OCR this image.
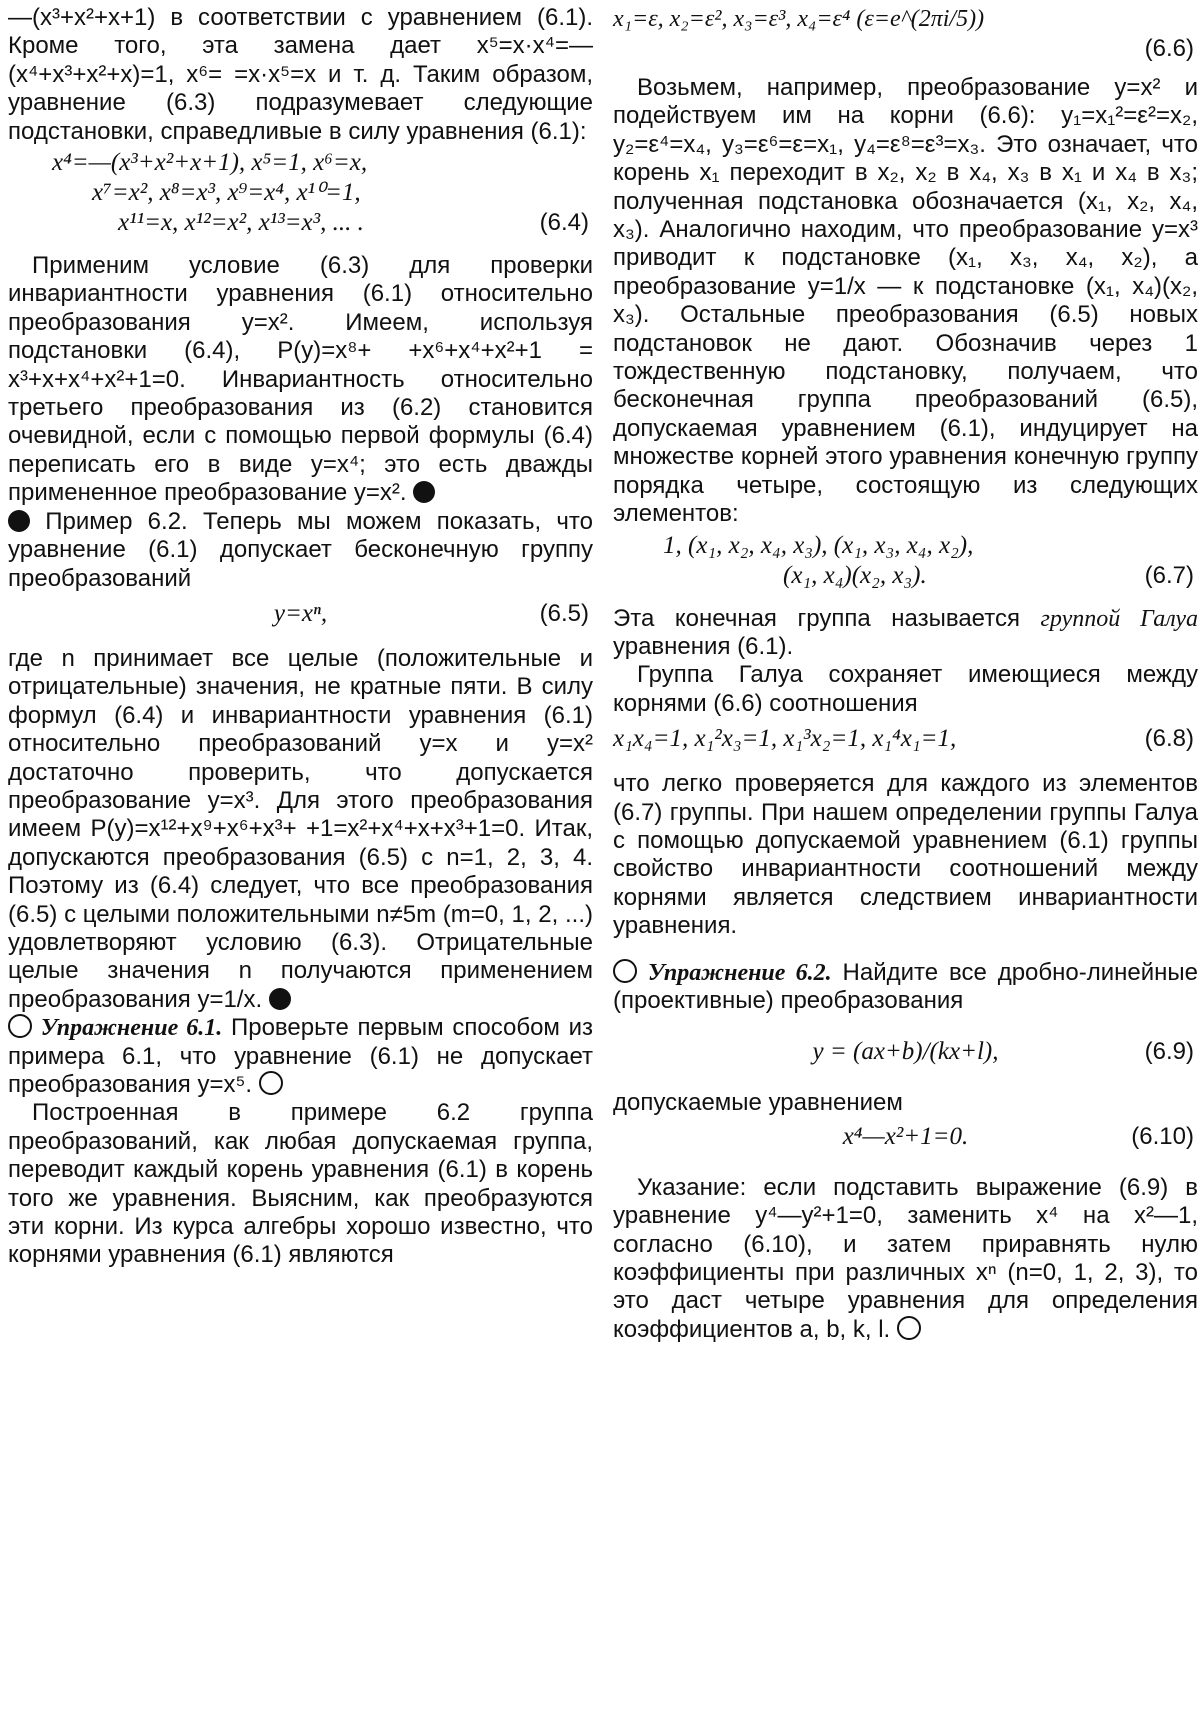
—(x³+x²+x+1) в соответствии с уравнением (6.1). Кроме того, эта замена дает x⁵=x·x⁴=—(x⁴+x³+x²+x)=1, x⁶= =x·x⁵=x и т. д. Таким образом, уравнение (6.3) подразумевает следующие подстановки, справедливые в силу уравнения (6.1):

x⁴=—(x³+x²+x+1), x⁵=1, x⁶=x,
x⁷=x², x⁸=x³, x⁹=x⁴, x¹⁰=1,
x¹¹=x, x¹²=x², x¹³=x³, ... .	(6.4)

Применим условие (6.3) для проверки инвариантности уравнения (6.1) относительно преобразования y=x². Имеем, используя подстановки (6.4), P(y)=x⁸+ +x⁶+x⁴+x²+1 = x³+x+x⁴+x²+1=0. Инвариантность относительно третьего преобразования из (6.2) становится очевидной, если с помощью первой формулы (6.4) переписать его в виде y=x⁴; это есть дважды примененное преобразование y=x².

Пример 6.2. Теперь мы можем показать, что уравнение (6.1) допускает бесконечную группу преобразований

y=xⁿ,	(6.5)

где n принимает все целые (положительные и отрицательные) значения, не кратные пяти. В силу формул (6.4) и инвариантности уравнения (6.1) относительно преобразований y=x и y=x² достаточно проверить, что допускается преобразование y=x³. Для этого преобразования имеем P(y)=x¹²+x⁹+x⁶+x³+ +1=x²+x⁴+x+x³+1=0. Итак, допускаются преобразования (6.5) с n=1, 2, 3, 4. Поэтому из (6.4) следует, что все преобразования (6.5) с целыми положительными n≠5m (m=0, 1, 2, ...) удовлетворяют условию (6.3). Отрицательные целые значения n получаются применением преобразования y=1/x.

Упражнение 6.1. Проверьте первым способом из примера 6.1, что уравнение (6.1) не допускает преобразования y=x⁵.

Построенная в примере 6.2 группа преобразований, как любая допускаемая группа, переводит каждый корень уравнения (6.1) в корень того же уравнения. Выясним, как преобразуются эти корни. Из курса алгебры хорошо известно, что корнями уравнения (6.1) являются

x₁=ε, x₂=ε², x₃=ε³, x₄=ε⁴ (ε=e^(2πi/5))
(6.6)

Возьмем, например, преобразование y=x² и подействуем им на корни (6.6): y₁=x₁²=ε²=x₂, y₂=ε⁴=x₄, y₃=ε⁶=ε=x₁, y₄=ε⁸=ε³=x₃. Это означает, что корень x₁ переходит в x₂, x₂ в x₄, x₃ в x₁ и x₄ в x₃; полученная подстановка обозначается (x₁, x₂, x₄, x₃). Аналогично находим, что преобразование y=x³ приводит к подстановке (x₁, x₃, x₄, x₂), а преобразование y=1/x — к подстановке (x₁, x₄)(x₂, x₃). Остальные преобразования (6.5) новых подстановок не дают. Обозначив через 1 тождественную подстановку, получаем, что бесконечная группа преобразований (6.5), допускаемая уравнением (6.1), индуцирует на множестве корней этого уравнения конечную группу порядка четыре, состоящую из следующих элементов:

1, (x₁, x₂, x₄, x₃), (x₁, x₃, x₄, x₂),
(x₁, x₄)(x₂, x₃).	(6.7)

Эта конечная группа называется группой Галуа уравнения (6.1).

Группа Галуа сохраняет имеющиеся между корнями (6.6) соотношения

x₁x₄=1, x₁²x₃=1, x₁³x₂=1, x₁⁴x₁=1,	(6.8)

что легко проверяется для каждого из элементов (6.7) группы. При нашем определении группы Галуа с помощью допускаемой уравнением (6.1) группы свойство инвариантности соотношений между корнями является следствием инвариантности уравнения.

Упражнение 6.2. Найдите все дробно-линейные (проективные) преобразования

y = (ax+b)/(kx+l),	(6.9)

допускаемые уравнением

x⁴—x²+1=0.	(6.10)

Указание: если подставить выражение (6.9) в уравнение y⁴—y²+1=0, заменить x⁴ на x²—1, согласно (6.10), и затем приравнять нулю коэффициенты при различных xⁿ (n=0, 1, 2, 3), то это даст четыре уравнения для определения коэффициентов a, b, k, l.
